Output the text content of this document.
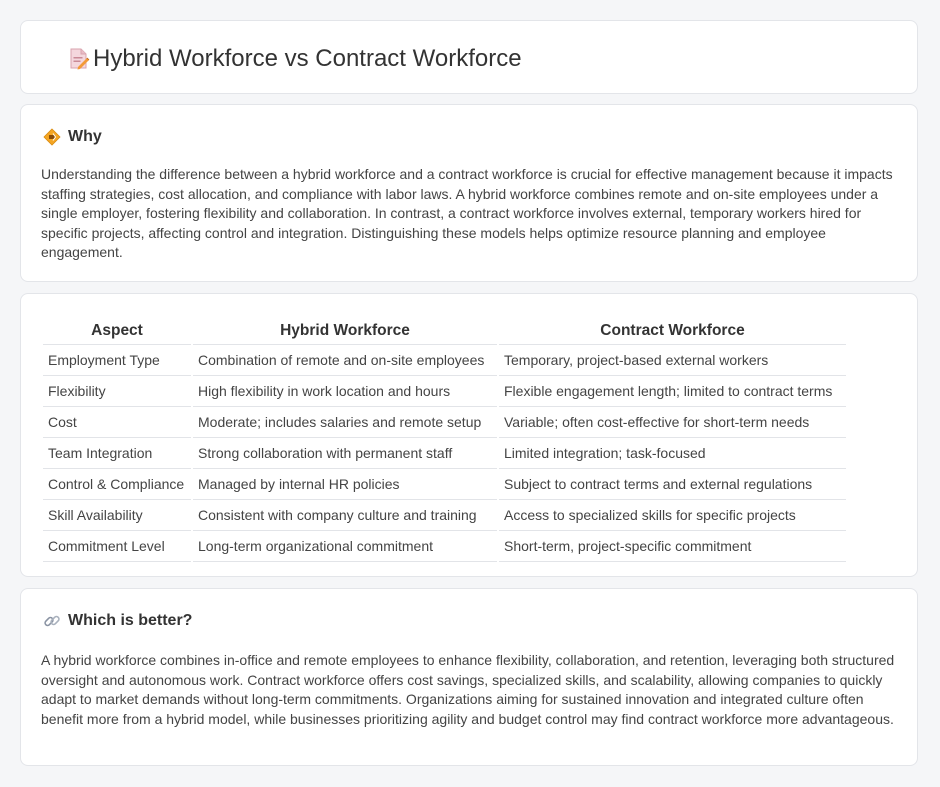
Hybrid Workforce vs Contract Workforce
Why

Understanding the difference between a hybrid workforce and a contract workforce is crucial for effective management because it impacts staffing strategies, cost allocation, and compliance with labor laws. A hybrid workforce combines remote and on-site employees under a single employer, fostering flexibility and collaboration. In contrast, a contract workforce involves external, temporary workers hired for specific projects, affecting control and integration. Distinguishing these models helps optimize resource planning and employee engagement.

Aspect	Hybrid Workforce	Contract Workforce
Employment Type	Combination of remote and on-site employees	Temporary, project-based external workers
Flexibility	High flexibility in work location and hours	Flexible engagement length; limited to contract terms
Cost	Moderate; includes salaries and remote setup	Variable; often cost-effective for short-term needs
Team Integration	Strong collaboration with permanent staff	Limited integration; task-focused
Control & Compliance	Managed by internal HR policies	Subject to contract terms and external regulations
Skill Availability	Consistent with company culture and training	Access to specialized skills for specific projects
Commitment Level	Long-term organizational commitment	Short-term, project-specific commitment
Which is better?

A hybrid workforce combines in-office and remote employees to enhance flexibility, collaboration, and retention, leveraging both structured oversight and autonomous work. Contract workforce offers cost savings, specialized skills, and scalability, allowing companies to quickly adapt to market demands without long-term commitments. Organizations aiming for sustained innovation and integrated culture often benefit more from a hybrid model, while businesses prioritizing agility and budget control may find contract workforce more advantageous.
